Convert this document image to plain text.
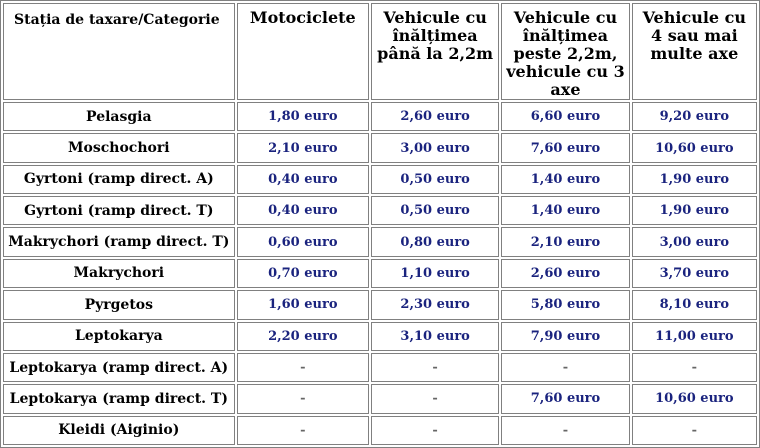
Stația de taxare/Categorie	Motociclete	Vehicule cu înălțimea până la 2,2m	Vehicule cu înălțimea peste 2,2m, vehicule cu 3 axe	Vehicule cu 4 sau mai multe axe
Pelasgia	1,80 euro	2,60 euro	6,60 euro	9,20 euro
Moschochori	2,10 euro	3,00 euro	7,60 euro	10,60 euro
Gyrtoni (ramp direct. A)	0,40 euro	0,50 euro	1,40 euro	1,90 euro
Gyrtoni (ramp direct. T)	0,40 euro	0,50 euro	1,40 euro	1,90 euro
Makrychori (ramp direct. T)	0,60 euro	0,80 euro	2,10 euro	3,00 euro
Makrychori	0,70 euro	1,10 euro	2,60 euro	3,70 euro
Pyrgetos	1,60 euro	2,30 euro	5,80 euro	8,10 euro
Leptokarya	2,20 euro	3,10 euro	7,90 euro	11,00 euro
Leptokarya (ramp direct. A)	-	-	-	-
Leptokarya (ramp direct. T)	-	-	7,60 euro	10,60 euro
Kleidi (Aiginio)	-	-	-	-
